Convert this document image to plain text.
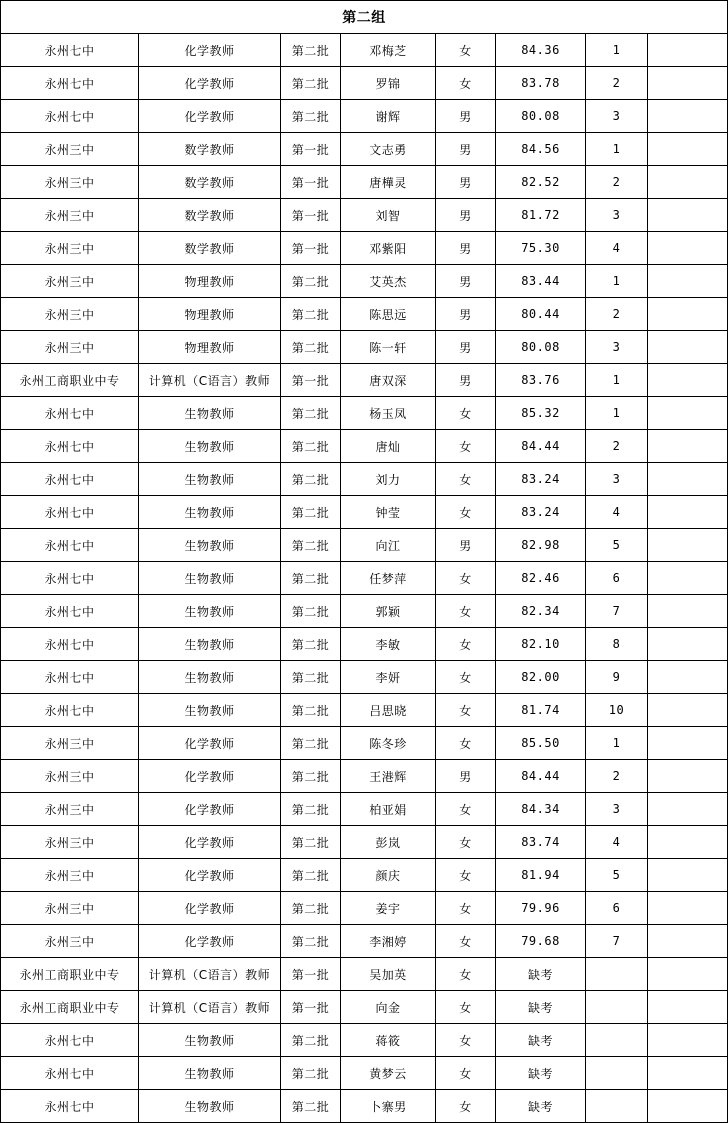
第二组							
永州七中	化学教师	第二批	邓梅芝	女	84.36	1	
永州七中	化学教师	第二批	罗锦	女	83.78	2	
永州七中	化学教师	第二批	谢辉	男	80.08	3	
永州三中	数学教师	第一批	文志勇	男	84.56	1	
永州三中	数学教师	第一批	唐樺灵	男	82.52	2	
永州三中	数学教师	第一批	刘智	男	81.72	3	
永州三中	数学教师	第一批	邓紫阳	男	75.30	4	
永州三中	物理教师	第二批	艾英杰	男	83.44	1	
永州三中	物理教师	第二批	陈思远	男	80.44	2	
永州三中	物理教师	第二批	陈一轩	男	80.08	3	
永州工商职业中专	计算机（C语言）教师	第一批	唐双深	男	83.76	1	
永州七中	生物教师	第二批	杨玉凤	女	85.32	1	
永州七中	生物教师	第二批	唐灿	女	84.44	2	
永州七中	生物教师	第二批	刘力	女	83.24	3	
永州七中	生物教师	第二批	钟莹	女	83.24	4	
永州七中	生物教师	第二批	向江	男	82.98	5	
永州七中	生物教师	第二批	任梦萍	女	82.46	6	
永州七中	生物教师	第二批	郭颖	女	82.34	7	
永州七中	生物教师	第二批	李敏	女	82.10	8	
永州七中	生物教师	第二批	李妍	女	82.00	9	
永州七中	生物教师	第二批	吕思晓	女	81.74	10	
永州三中	化学教师	第二批	陈冬珍	女	85.50	1	
永州三中	化学教师	第二批	王港辉	男	84.44	2	
永州三中	化学教师	第二批	柏亚娟	女	84.34	3	
永州三中	化学教师	第二批	彭岚	女	83.74	4	
永州三中	化学教师	第二批	颜庆	女	81.94	5	
永州三中	化学教师	第二批	姜宇	女	79.96	6	
永州三中	化学教师	第二批	李湘婷	女	79.68	7	
永州工商职业中专	计算机（C语言）教师	第一批	吴加英	女	缺考		
永州工商职业中专	计算机（C语言）教师	第一批	向金	女	缺考		
永州七中	生物教师	第二批	蒋筱	女	缺考		
永州七中	生物教师	第二批	黄梦云	女	缺考		
永州七中	生物教师	第二批	卜寨男	女	缺考		
